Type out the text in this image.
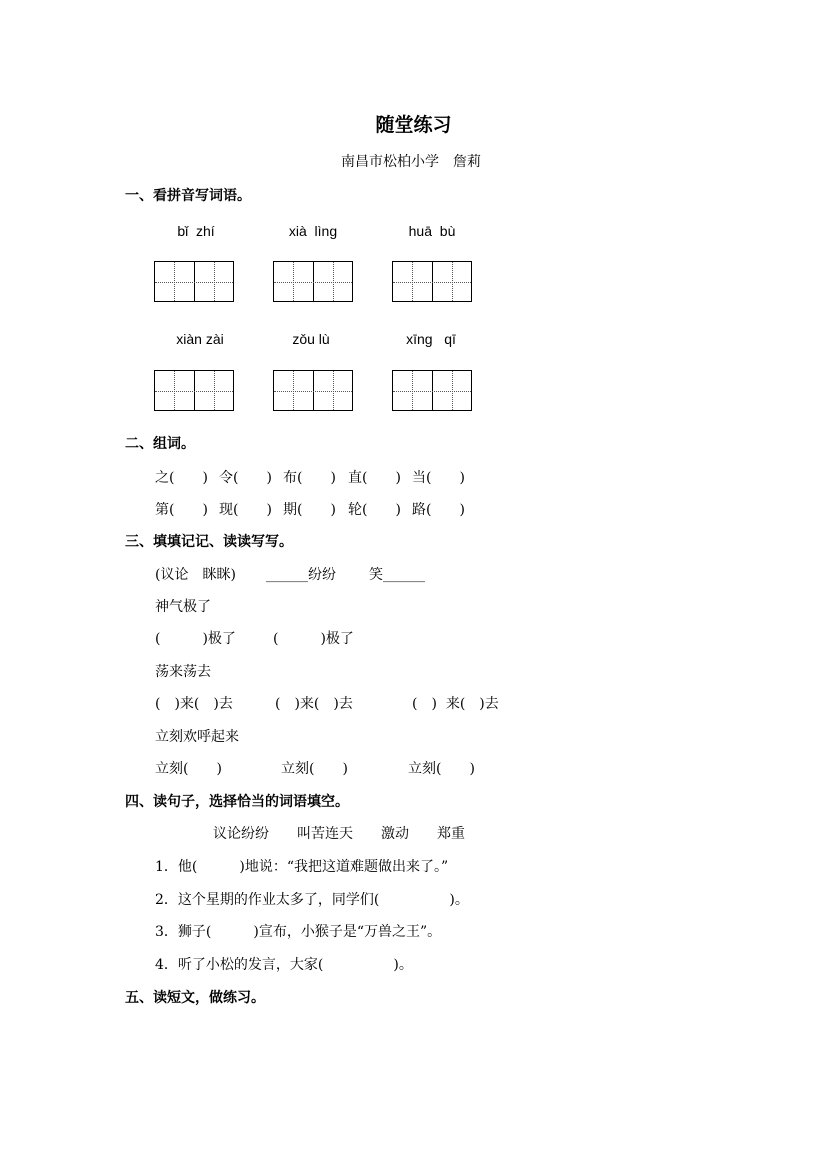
随堂练习
南昌市松柏小学　詹莉
一、看拼音写词语。
bǐ  zhí	xià  lìng	huā  bù
xiàn zài	zǒu lù	xīng   qī
二、组词。
之(　　) 令(　　) 布(　　) 直(　　) 当(　　)
第(　　) 现(　　) 期(　　) 轮(　　) 路(　　)
三、填填记记、读读写写。
(议论　眯眯) ______纷纷 笑______
神气极了
(　　　)极了	(　　　)极了
荡来荡去
(　)来(　)去	(　)来(　)去	(　)  来(　)去
立刻欢呼起来
立刻(　　)	立刻(　　)	立刻(　　)
四、读句子，选择恰当的词语填空。
议论纷纷　　叫苦连天　　激动　　郑重
1．他(　　　)地说：“我把这道难题做出来了。”
2．这个星期的作业太多了，同学们(　　　　　)。
3．狮子(　　　)宣布，小猴子是“万兽之王”。
4．听了小松的发言，大家(　　　　　)。
五、读短文，做练习。
